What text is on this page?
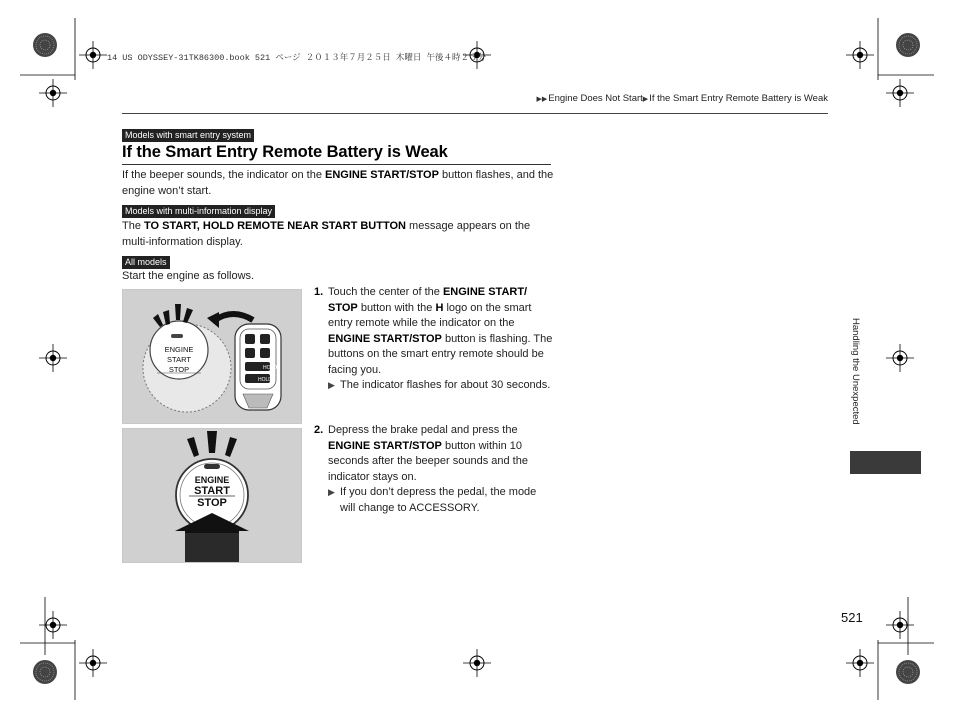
14 US ODYSSEY-31TK86300.book 521 ページ ２０１３年７月２５日 木曜日 午後４時２３分
▶▶Engine Does Not Start▶If the Smart Entry Remote Battery is Weak
Models with smart entry system
If the Smart Entry Remote Battery is Weak
If the beeper sounds, the indicator on the ENGINE START/STOP button flashes, and the engine won’t start.
Models with multi-information display
The TO START, HOLD REMOTE NEAR START BUTTON message appears on the multi-information display.
All models
Start the engine as follows.
ENGINE
START
STOP	HOLD
HOLD
ENGINE
START
STOP
1. Touch the center of the ENGINE START/ STOP button with the H logo on the smart entry remote while the indicator on the ENGINE START/STOP button is flashing. The buttons on the smart entry remote should be facing you.
▶ The indicator flashes for about 30 seconds.
2. Depress the brake pedal and press the ENGINE START/STOP button within 10 seconds after the beeper sounds and the indicator stays on.
▶ If you don’t depress the pedal, the mode will change to ACCESSORY.
Handling the Unexpected
521
